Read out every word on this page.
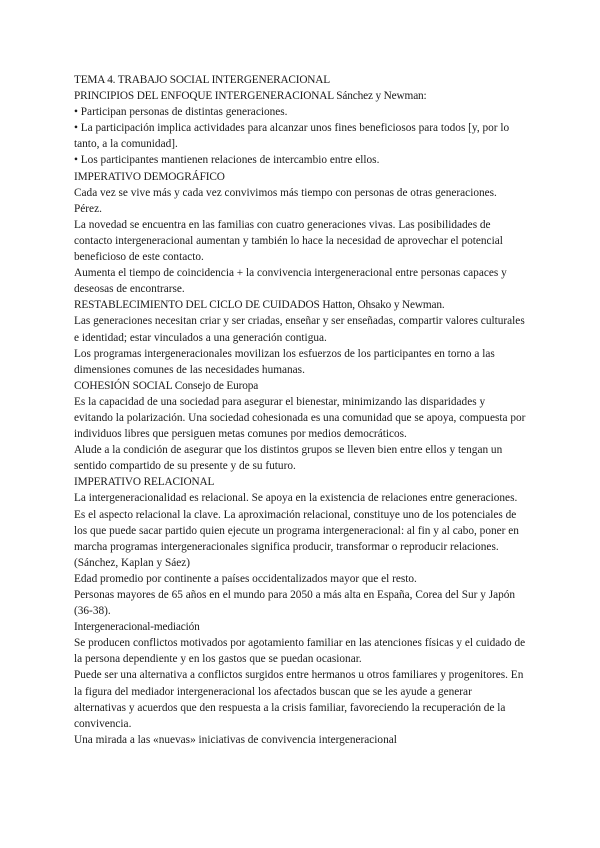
TEMA 4. TRABAJO SOCIAL INTERGENERACIONAL

PRINCIPIOS DEL ENFOQUE INTERGENERACIONAL Sánchez y Newman:

• Participan personas de distintas generaciones.

• La participación implica actividades para alcanzar unos fines beneficiosos para todos [y, por lo tanto, a la comunidad].

• Los participantes mantienen relaciones de intercambio entre ellos.

IMPERATIVO DEMOGRÁFICO

Cada vez se vive más y cada vez convivimos más tiempo con personas de otras generaciones. Pérez.

La novedad se encuentra en las familias con cuatro generaciones vivas. Las posibilidades de contacto intergeneracional aumentan y también lo hace la necesidad de aprovechar el potencial beneficioso de este contacto.

Aumenta el tiempo de coincidencia + la convivencia intergeneracional entre personas capaces y deseosas de encontrarse.

RESTABLECIMIENTO DEL CICLO DE CUIDADOS Hatton, Ohsako y Newman.

Las generaciones necesitan criar y ser criadas, enseñar y ser enseñadas, compartir valores culturales e identidad; estar vinculados a una generación contigua.

Los programas intergeneracionales movilizan los esfuerzos de los participantes en torno a las dimensiones comunes de las necesidades humanas.

COHESIÓN SOCIAL Consejo de Europa

Es la capacidad de una sociedad para asegurar el bienestar, minimizando las disparidades y evitando la polarización. Una sociedad cohesionada es una comunidad que se apoya, compuesta por individuos libres que persiguen metas comunes por medios democráticos.

Alude a la condición de asegurar que los distintos grupos se lleven bien entre ellos y tengan un sentido compartido de su presente y de su futuro.

IMPERATIVO RELACIONAL

La intergeneracionalidad es relacional. Se apoya en la existencia de relaciones entre generaciones. Es el aspecto relacional la clave. La aproximación relacional, constituye uno de los potenciales de los que puede sacar partido quien ejecute un programa intergeneracional: al fin y al cabo, poner en marcha programas intergeneracionales significa producir, transformar o reproducir relaciones. (Sánchez, Kaplan y Sáez)

Edad promedio por continente a países occidentalizados mayor que el resto.

Personas mayores de 65 años en el mundo para 2050 a más alta en España, Corea del Sur y Japón (36-38).

Intergeneracional-mediación

Se producen conflictos motivados por agotamiento familiar en las atenciones físicas y el cuidado de la persona dependiente y en los gastos que se puedan ocasionar.

Puede ser una alternativa a conflictos surgidos entre hermanos u otros familiares y progenitores. En la figura del mediador intergeneracional los afectados buscan que se les ayude a generar alternativas y acuerdos que den respuesta a la crisis familiar, favoreciendo la recuperación de la convivencia.

Una mirada a las «nuevas» iniciativas de convivencia intergeneracional
